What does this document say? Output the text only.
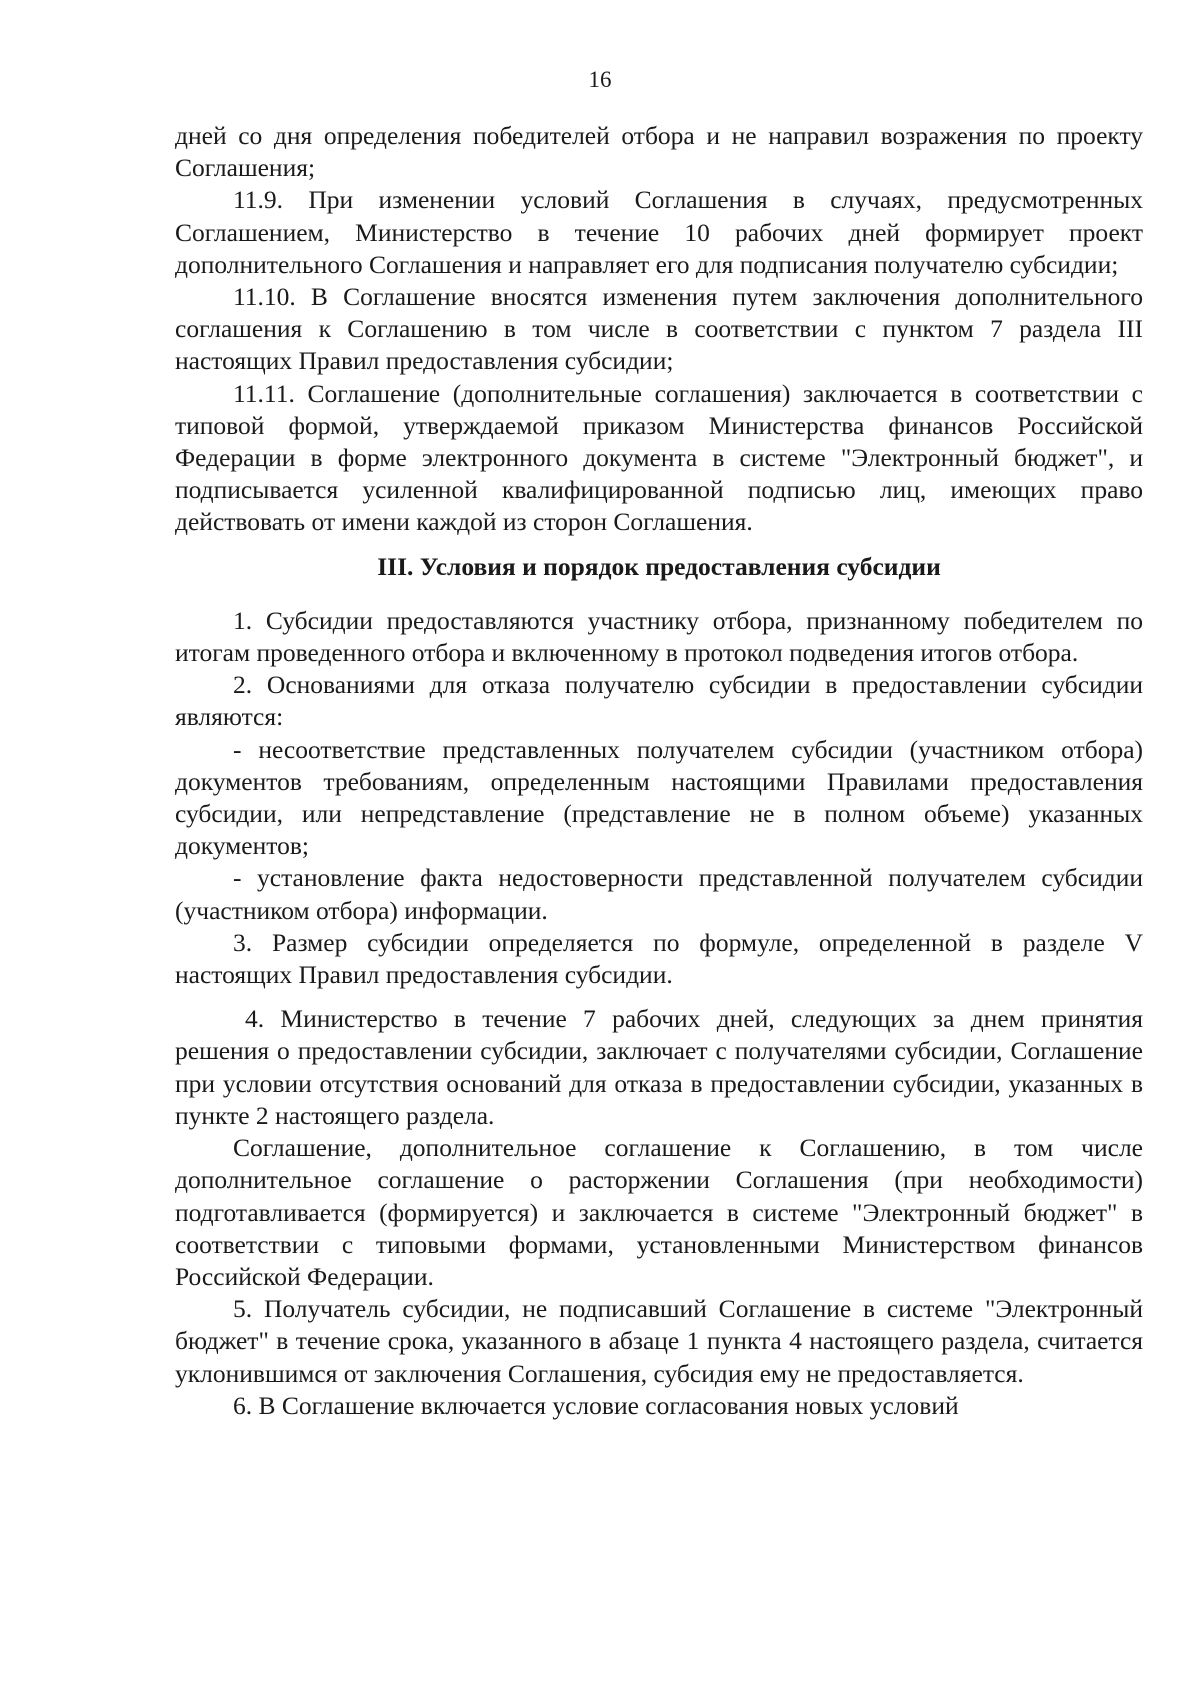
16

дней со дня определения победителей отбора и не направил возражения по проекту Соглашения;

11.9. При изменении условий Соглашения в случаях, предусмотренных Соглашением, Министерство в течение 10 рабочих дней формирует проект дополнительного Соглашения и направляет его для подписания получателю субсидии;

11.10. В Соглашение вносятся изменения путем заключения дополнительного соглашения к Соглашению в том числе в соответствии с пунктом 7 раздела III настоящих Правил предоставления субсидии;

11.11. Соглашение (дополнительные соглашения) заключается в соответствии с типовой формой, утверждаемой приказом Министерства финансов Российской Федерации в форме электронного документа в системе "Электронный бюджет", и подписывается усиленной квалифицированной подписью лиц, имеющих право действовать от имени каждой из сторон Соглашения.

III. Условия и порядок предоставления субсидии

1. Субсидии предоставляются участнику отбора, признанному победителем по итогам проведенного отбора и включенному в протокол подведения итогов отбора.

2. Основаниями для отказа получателю субсидии в предоставлении субсидии являются:

- несоответствие представленных получателем субсидии (участником отбора) документов требованиям, определенным настоящими Правилами предоставления субсидии, или непредставление (представление не в полном объеме) указанных документов;

- установление факта недостоверности представленной получателем субсидии (участником отбора) информации.

3. Размер субсидии определяется по формуле, определенной в разделе V настоящих Правил предоставления субсидии.

4. Министерство в течение 7 рабочих дней, следующих за днем принятия решения о предоставлении субсидии, заключает с получателями субсидии, Соглашение при условии отсутствия оснований для отказа в предоставлении субсидии, указанных в пункте 2 настоящего раздела.

Соглашение, дополнительное соглашение к Соглашению, в том числе дополнительное соглашение о расторжении Соглашения (при необходимости) подготавливается (формируется) и заключается в системе "Электронный бюджет" в соответствии с типовыми формами, установленными Министерством финансов Российской Федерации.

5. Получатель субсидии, не подписавший Соглашение в системе "Электронный бюджет" в течение срока, указанного в абзаце 1 пункта 4 настоящего раздела, считается уклонившимся от заключения Соглашения, субсидия ему не предоставляется.

6. В Соглашение включается условие согласования новых условий
